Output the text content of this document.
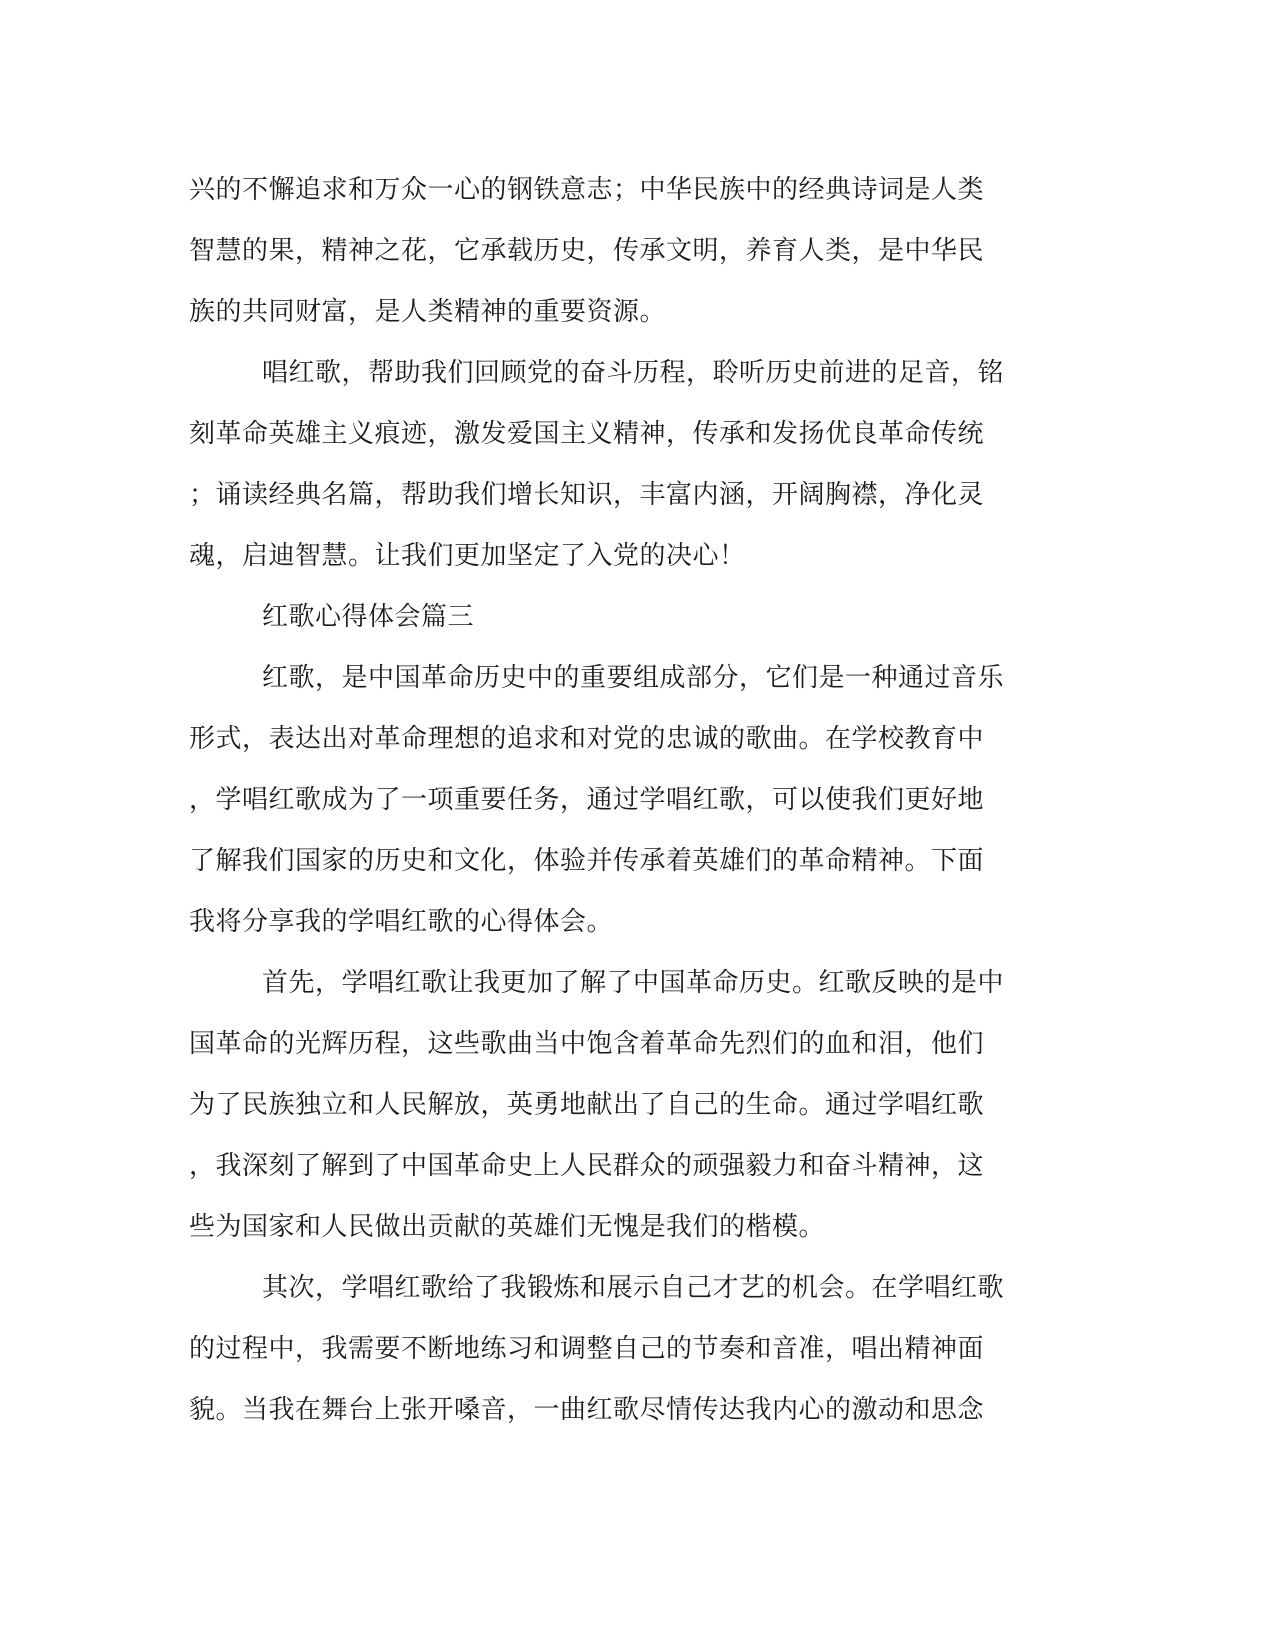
兴的不懈追求和万众一心的钢铁意志；中华民族中的经典诗词是人类
智慧的果，精神之花，它承载历史，传承文明，养育人类，是中华民
族的共同财富，是人类精神的重要资源。
唱红歌，帮助我们回顾党的奋斗历程，聆听历史前进的足音，铭
刻革命英雄主义痕迹，激发爱国主义精神，传承和发扬优良革命传统
；诵读经典名篇，帮助我们增长知识，丰富内涵，开阔胸襟，净化灵
魂，启迪智慧。让我们更加坚定了入党的决心！
红歌心得体会篇三
红歌，是中国革命历史中的重要组成部分，它们是一种通过音乐
形式，表达出对革命理想的追求和对党的忠诚的歌曲。在学校教育中
，学唱红歌成为了一项重要任务，通过学唱红歌，可以使我们更好地
了解我们国家的历史和文化，体验并传承着英雄们的革命精神。下面
我将分享我的学唱红歌的心得体会。
首先，学唱红歌让我更加了解了中国革命历史。红歌反映的是中
国革命的光辉历程，这些歌曲当中饱含着革命先烈们的血和泪，他们
为了民族独立和人民解放，英勇地献出了自己的生命。通过学唱红歌
，我深刻了解到了中国革命史上人民群众的顽强毅力和奋斗精神，这
些为国家和人民做出贡献的英雄们无愧是我们的楷模。
其次，学唱红歌给了我锻炼和展示自己才艺的机会。在学唱红歌
的过程中，我需要不断地练习和调整自己的节奏和音准，唱出精神面
貌。当我在舞台上张开嗓音，一曲红歌尽情传达我内心的激动和思念
